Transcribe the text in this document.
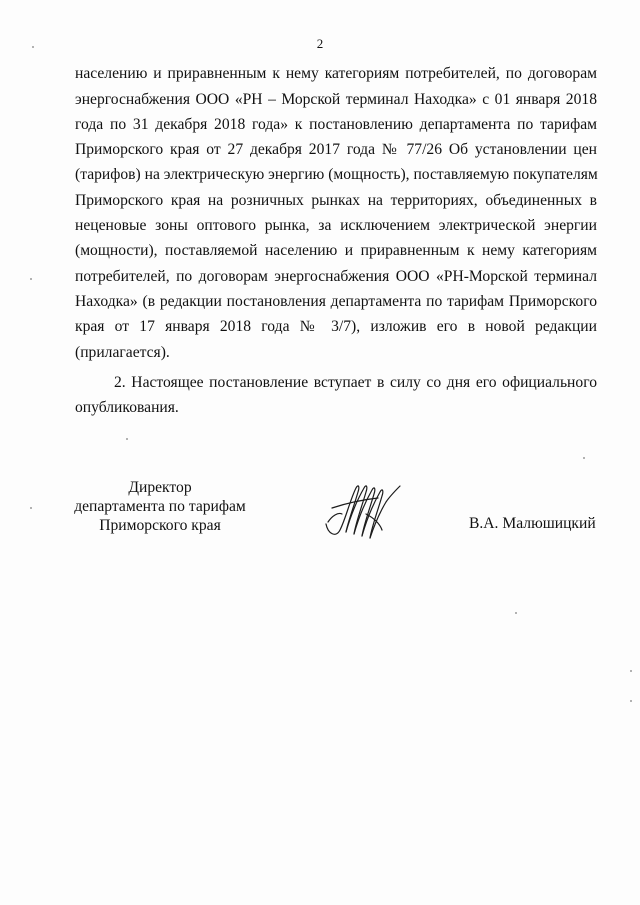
2
населению и приравненным к нему категориям потребителей, по договорам
энергоснабжения ООО «РН – Морской терминал Находка» с 01 января 2018
года по 31 декабря 2018 года» к постановлению департамента по тарифам
Приморского края от 27 декабря 2017 года № 77/26 Об установлении цен
(тарифов) на электрическую энергию (мощность), поставляемую покупателям
Приморского края на розничных рынках на территориях, объединенных в
неценовые зоны оптового рынка, за исключением электрической энергии
(мощности), поставляемой населению и приравненным к нему категориям
потребителей, по договорам энергоснабжения ООО «РН-Морской терминал
Находка» (в редакции постановления департамента по тарифам Приморского
края от 17 января 2018 года № 3/7), изложив его в новой редакции
(прилагается).
2. Настоящее постановление вступает в силу со дня его официального
опубликования.
Директор
департамента по тарифам
Приморского края	В.А. Малюшицкий
